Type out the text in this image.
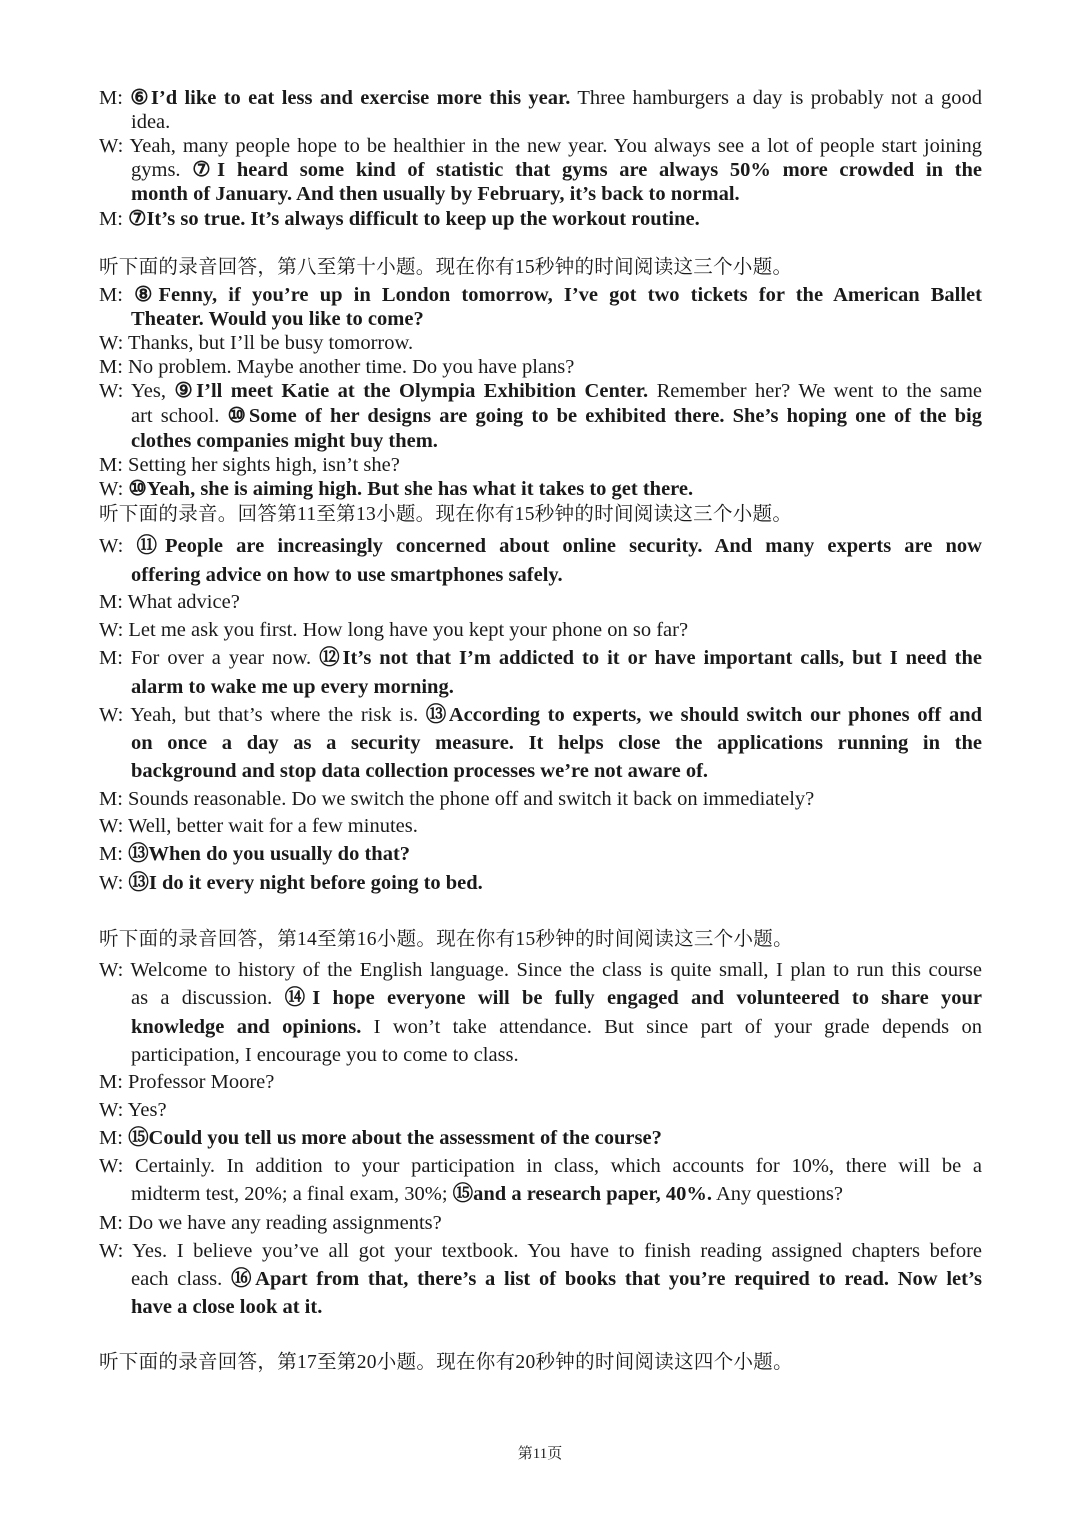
M: ⑥I’d like to eat less and exercise more this year. Three hamburgers a day is probably not a good
idea.
W: Yeah, many people hope to be healthier in the new year. You always see a lot of people start joining
gyms. ⑦I heard some kind of statistic that gyms are always 50% more crowded in the
month of January. And then usually by February, it’s back to normal.
M: ⑦It’s so true. It’s always difficult to keep up the workout routine.
听下面的录音回答，第八至第十小题。现在你有15秒钟的时间阅读这三个小题。
M: ⑧Fenny, if you’re up in London tomorrow, I’ve got two tickets for the American Ballet
Theater. Would you like to come?
W: Thanks, but I’ll be busy tomorrow.
M: No problem. Maybe another time. Do you have plans?
W: Yes, ⑨I’ll meet Katie at the Olympia Exhibition Center. Remember her? We went to the same
art school. ⑩Some of her designs are going to be exhibited there. She’s hoping one of the big
clothes companies might buy them.
M: Setting her sights high, isn’t she?
W: ⑩Yeah, she is aiming high. But she has what it takes to get there.
听下面的录音。回答第11至第13小题。现在你有15秒钟的时间阅读这三个小题。
W: ⑪People are increasingly concerned about online security. And many experts are now
offering advice on how to use smartphones safely.
M: What advice?
W: Let me ask you first. How long have you kept your phone on so far?
M: For over a year now. ⑫It’s not that I’m addicted to it or have important calls, but I need the
alarm to wake me up every morning.
W: Yeah, but that’s where the risk is. ⑬According to experts, we should switch our phones off and
on once a day as a security measure. It helps close the applications running in the
background and stop data collection processes we’re not aware of.
M: Sounds reasonable. Do we switch the phone off and switch it back on immediately?
W: Well, better wait for a few minutes.
M: ⑬When do you usually do that?
W: ⑬I do it every night before going to bed.
听下面的录音回答，第14至第16小题。现在你有15秒钟的时间阅读这三个小题。
W: Welcome to history of the English language. Since the class is quite small, I plan to run this course
as a discussion. ⑭I hope everyone will be fully engaged and volunteered to share your
knowledge and opinions. I won’t take attendance. But since part of your grade depends on
participation, I encourage you to come to class.
M: Professor Moore?
W: Yes?
M: ⑮Could you tell us more about the assessment of the course?
W: Certainly. In addition to your participation in class, which accounts for 10%, there will be a
midterm test, 20%; a final exam, 30%; ⑮and a research paper, 40%. Any questions?
M: Do we have any reading assignments?
W: Yes. I believe you’ve all got your textbook. You have to finish reading assigned chapters before
each class. ⑯Apart from that, there’s a list of books that you’re required to read. Now let’s
have a close look at it.
听下面的录音回答，第17至第20小题。现在你有20秒钟的时间阅读这四个小题。
第11页
